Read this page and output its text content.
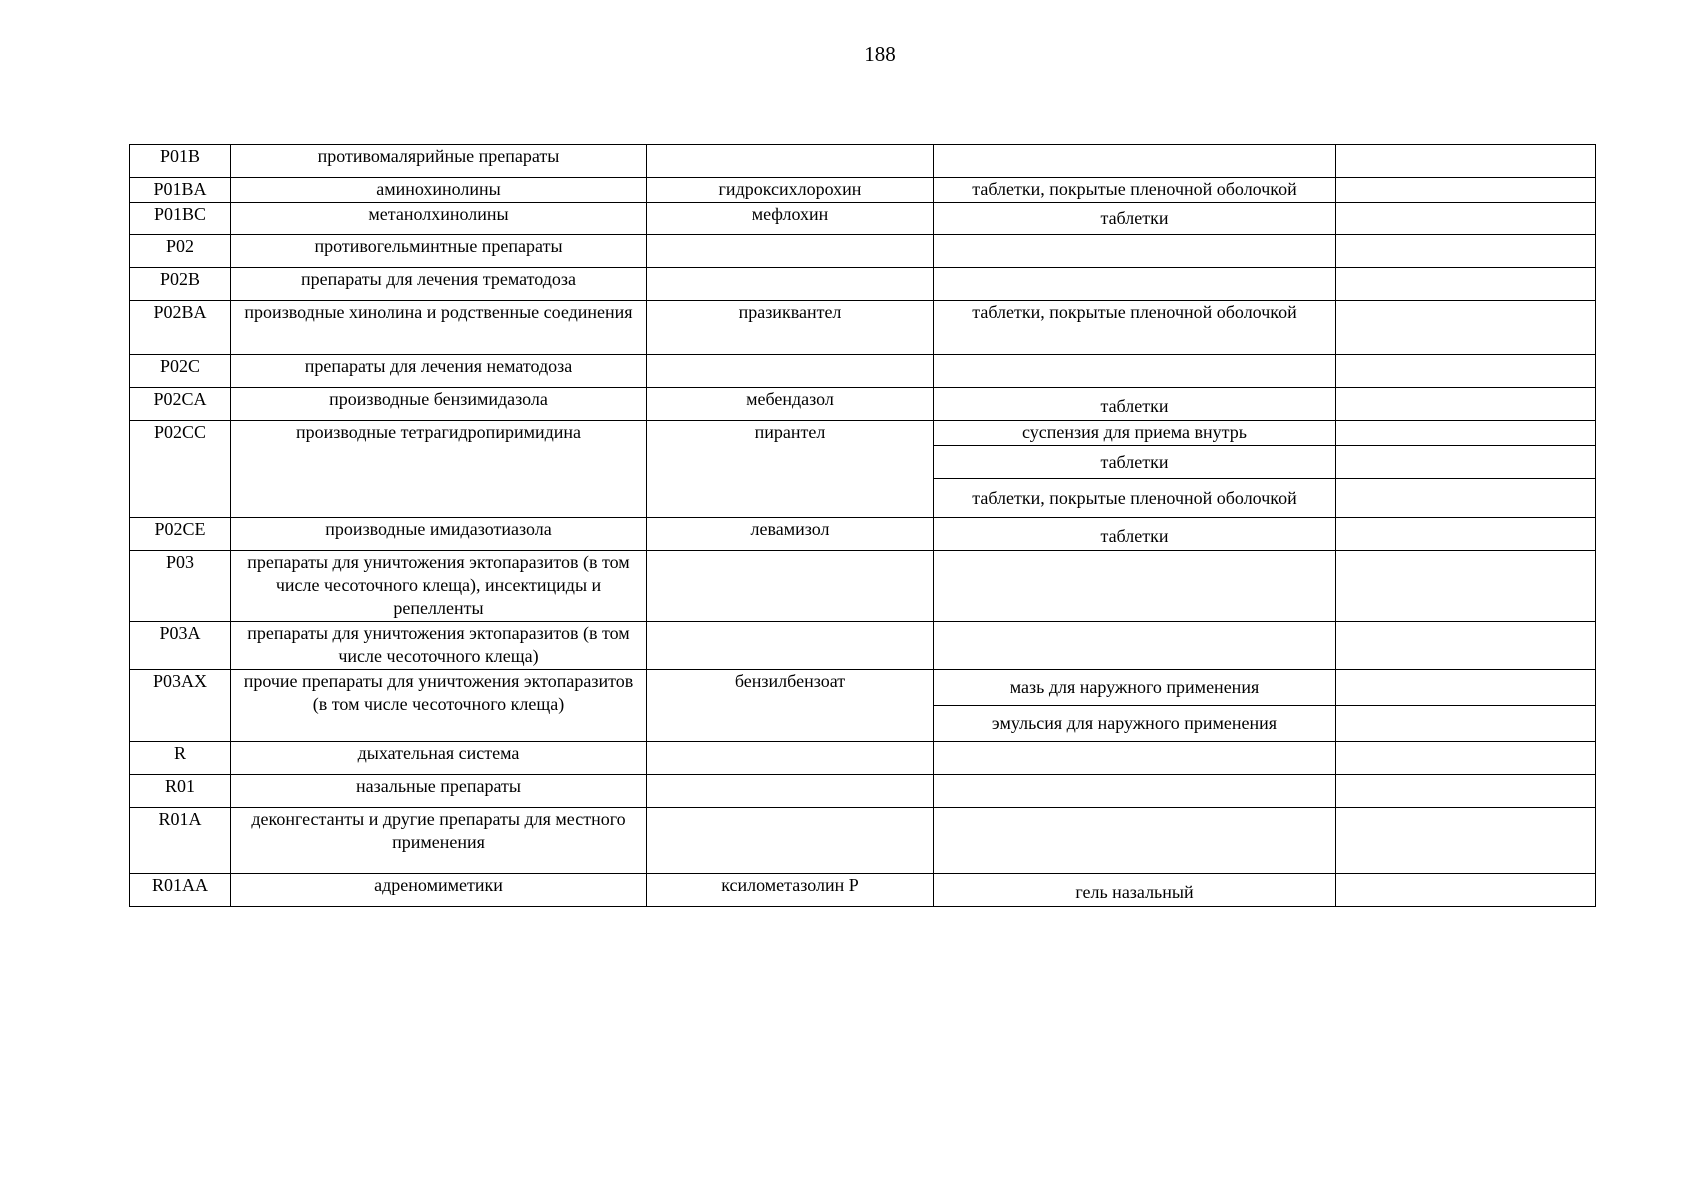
188
P01B	противомалярийные препараты			
P01BA	аминохинолины	гидроксихлорохин	таблетки, покрытые пленочной оболочкой	
P01BC	метанолхинолины	мефлохин	таблетки	
P02	противогельминтные препараты			
P02B	препараты для лечения трематодоза			
P02BA	производные хинолина и родственные соединения	празиквантел	таблетки, покрытые пленочной оболочкой	
P02C	препараты для лечения нематодоза			
P02CA	производные бензимидазола	мебендазол	таблетки	
P02CC	производные тетрагидропиримидина	пирантел	суспензия для приема внутрь	
			таблетки	
			таблетки, покрытые пленочной оболочкой	
P02CE	производные имидазотиазола	левамизол	таблетки	
P03	препараты для уничтожения эктопаразитов (в том числе чесоточного клеща), инсектициды и репелленты			
P03A	препараты для уничтожения эктопаразитов (в том числе чесоточного клеща)			
P03AX	прочие препараты для уничтожения эктопаразитов (в том числе чесоточного клеща)	бензилбензоат	мазь для наружного применения	
			эмульсия для наружного применения	
R	дыхательная система			
R01	назальные препараты			
R01A	деконгестанты и другие препараты для местного применения			
R01AA	адреномиметики	ксилометазолин Р	гель назальный	
